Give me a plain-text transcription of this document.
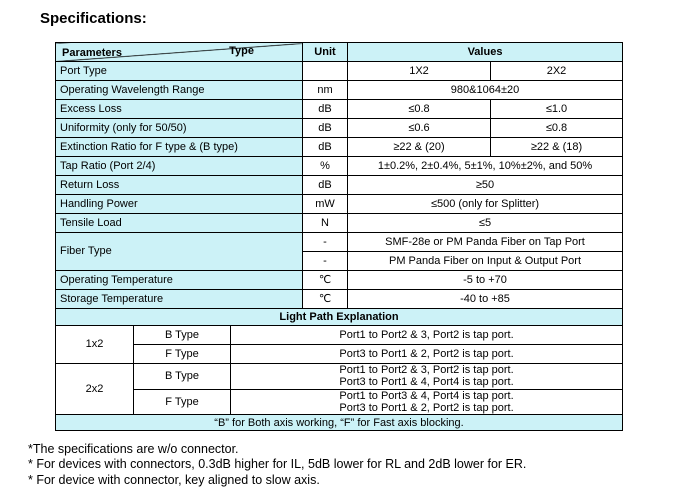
Specifications:
Type
Parameters			Unit	Values	
Port Type				1X2	2X2
Operating Wavelength Range			nm	980&1064±20	
Excess Loss			dB	≤0.8	≤1.0
Uniformity (only for 50/50)			dB	≤0.6	≤0.8
Extinction Ratio for F type & (B type)			dB	≥22 & (20)	≥22 & (18)
Tap Ratio (Port 2/4)			%	1±0.2%, 2±0.4%, 5±1%, 10%±2%, and 50%	
Return Loss			dB	≥50	
Handling Power			mW	≤500 (only for Splitter)	
Tensile Load			N	≤5	
Fiber Type			-	SMF-28e or PM Panda Fiber on Tap Port	
			-	PM Panda Fiber on Input & Output Port	
Operating Temperature			℃	-5 to +70	
Storage Temperature			℃	-40 to +85	
Light Path Explanation					
1x2	B Type	Port1 to Port2 & 3, Port2 is tap port.			
	F Type	Port3 to Port1 & 2, Port2 is tap port.			
2x2	B Type	Port1 to Port2 & 3, Port2 is tap port.
Port3 to Port1 & 4, Port4 is tap port.			

	F Type	Port1 to Port3 & 4, Port4 is tap port.
Port3 to Port1 & 2, Port2 is tap port.			

“B” for Both axis working, “F” for Fast axis blocking.					
*The specifications are w/o connector.
* For devices with connectors, 0.3dB higher for IL, 5dB lower for RL and 2dB lower for ER.
* For device with connector, key aligned to slow axis.
